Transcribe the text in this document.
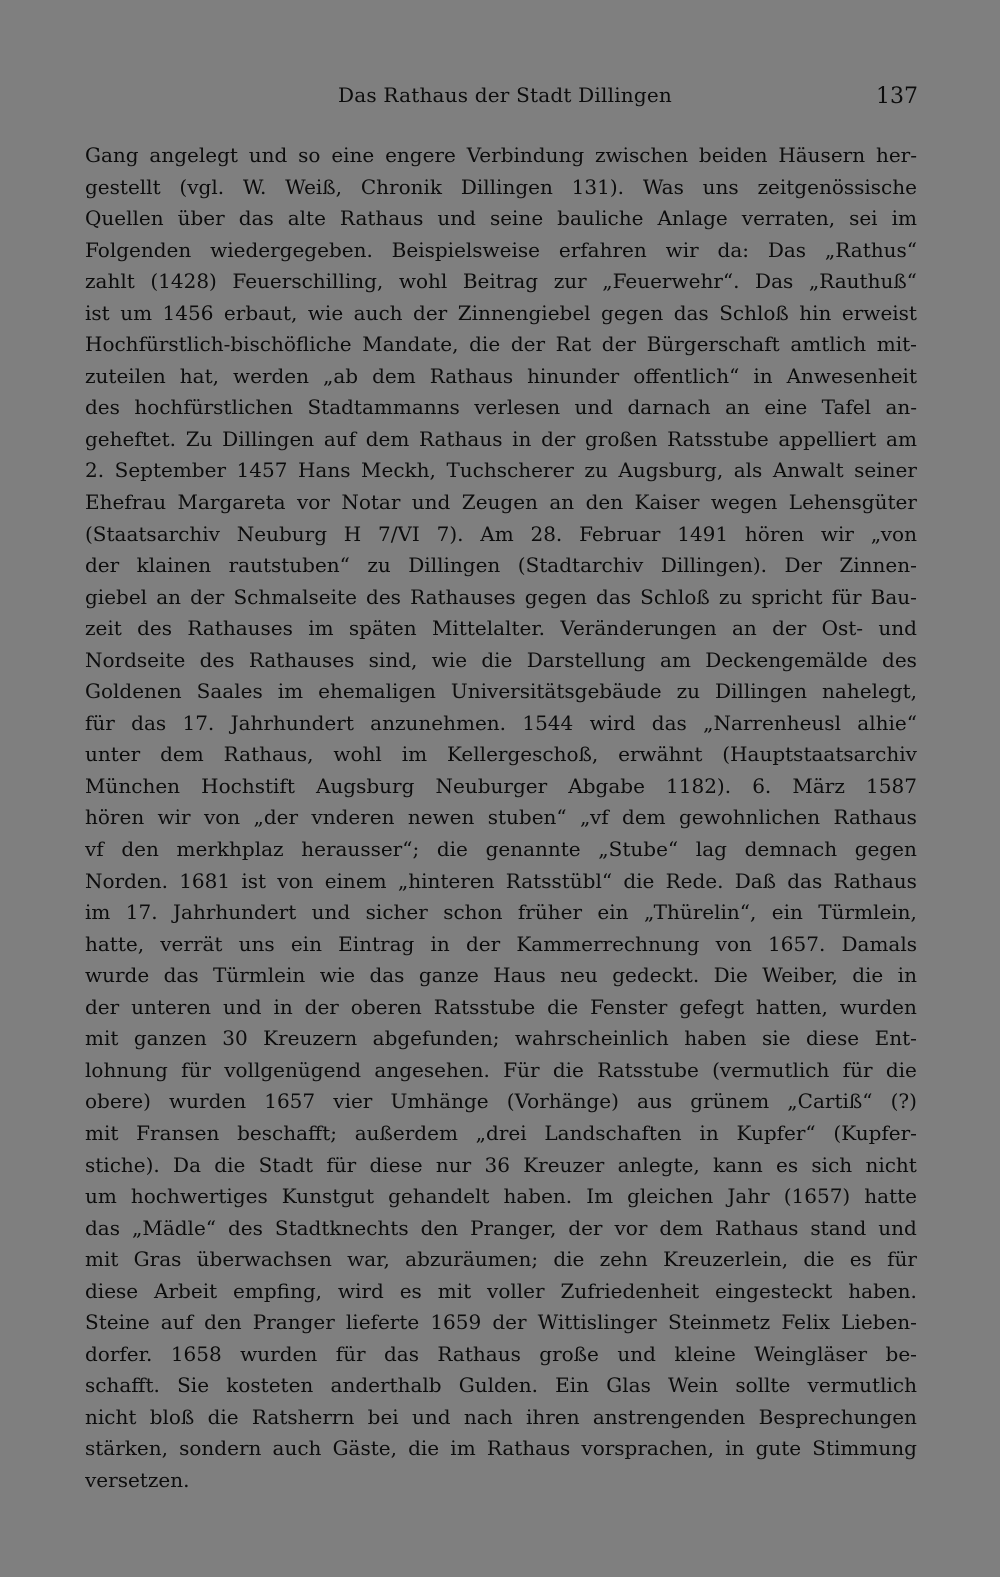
Das Rathaus der Stadt Dillingen	137
Gang angelegt und so eine engere Verbindung zwischen beiden Häusern her-
gestellt (vgl. W. Weiß, Chronik Dillingen 131). Was uns zeitgenössische
Quellen über das alte Rathaus und seine bauliche Anlage verraten, sei im
Folgenden wiedergegeben. Beispielsweise erfahren wir da: Das „Rathus“
zahlt (1428) Feuerschilling, wohl Beitrag zur „Feuerwehr“. Das „Rauthuß“
ist um 1456 erbaut, wie auch der Zinnengiebel gegen das Schloß hin erweist
Hochfürstlich-bischöfliche Mandate, die der Rat der Bürgerschaft amtlich mit-
zuteilen hat, werden „ab dem Rathaus hinunder offentlich“ in Anwesenheit
des hochfürstlichen Stadtammanns verlesen und darnach an eine Tafel an-
geheftet. Zu Dillingen auf dem Rathaus in der großen Ratsstube appelliert am
2. September 1457 Hans Meckh, Tuchscherer zu Augsburg, als Anwalt seiner
Ehefrau Margareta vor Notar und Zeugen an den Kaiser wegen Lehensgüter
(Staatsarchiv Neuburg H 7/VI 7). Am 28. Februar 1491 hören wir „von
der klainen rautstuben“ zu Dillingen (Stadtarchiv Dillingen). Der Zinnen-
giebel an der Schmalseite des Rathauses gegen das Schloß zu spricht für Bau-
zeit des Rathauses im späten Mittelalter. Veränderungen an der Ost- und
Nordseite des Rathauses sind, wie die Darstellung am Deckengemälde des
Goldenen Saales im ehemaligen Universitätsgebäude zu Dillingen nahelegt,
für das 17. Jahrhundert anzunehmen. 1544 wird das „Narrenheusl alhie“
unter dem Rathaus, wohl im Kellergeschoß, erwähnt (Hauptstaatsarchiv
München Hochstift Augsburg Neuburger Abgabe 1182). 6. März 1587
hören wir von „der vnderen newen stuben“ „vf dem gewohnlichen Rathaus
vf den merkhplaz herausser“; die genannte „Stube“ lag demnach gegen
Norden. 1681 ist von einem „hinteren Ratsstübl“ die Rede. Daß das Rathaus
im 17. Jahrhundert und sicher schon früher ein „Thürelin“, ein Türmlein,
hatte, verrät uns ein Eintrag in der Kammerrechnung von 1657. Damals
wurde das Türmlein wie das ganze Haus neu gedeckt. Die Weiber, die in
der unteren und in der oberen Ratsstube die Fenster gefegt hatten, wurden
mit ganzen 30 Kreuzern abgefunden; wahrscheinlich haben sie diese Ent-
lohnung für vollgenügend angesehen. Für die Ratsstube (vermutlich für die
obere) wurden 1657 vier Umhänge (Vorhänge) aus grünem „Cartiß“ (?)
mit Fransen beschafft; außerdem „drei Landschaften in Kupfer“ (Kupfer-
stiche). Da die Stadt für diese nur 36 Kreuzer anlegte, kann es sich nicht
um hochwertiges Kunstgut gehandelt haben. Im gleichen Jahr (1657) hatte
das „Mädle“ des Stadtknechts den Pranger, der vor dem Rathaus stand und
mit Gras überwachsen war, abzuräumen; die zehn Kreuzerlein, die es für
diese Arbeit empfing, wird es mit voller Zufriedenheit eingesteckt haben.
Steine auf den Pranger lieferte 1659 der Wittislinger Steinmetz Felix Lieben-
dorfer. 1658 wurden für das Rathaus große und kleine Weingläser be-
schafft. Sie kosteten anderthalb Gulden. Ein Glas Wein sollte vermutlich
nicht bloß die Ratsherrn bei und nach ihren anstrengenden Besprechungen
stärken, sondern auch Gäste, die im Rathaus vorsprachen, in gute Stimmung
versetzen.
